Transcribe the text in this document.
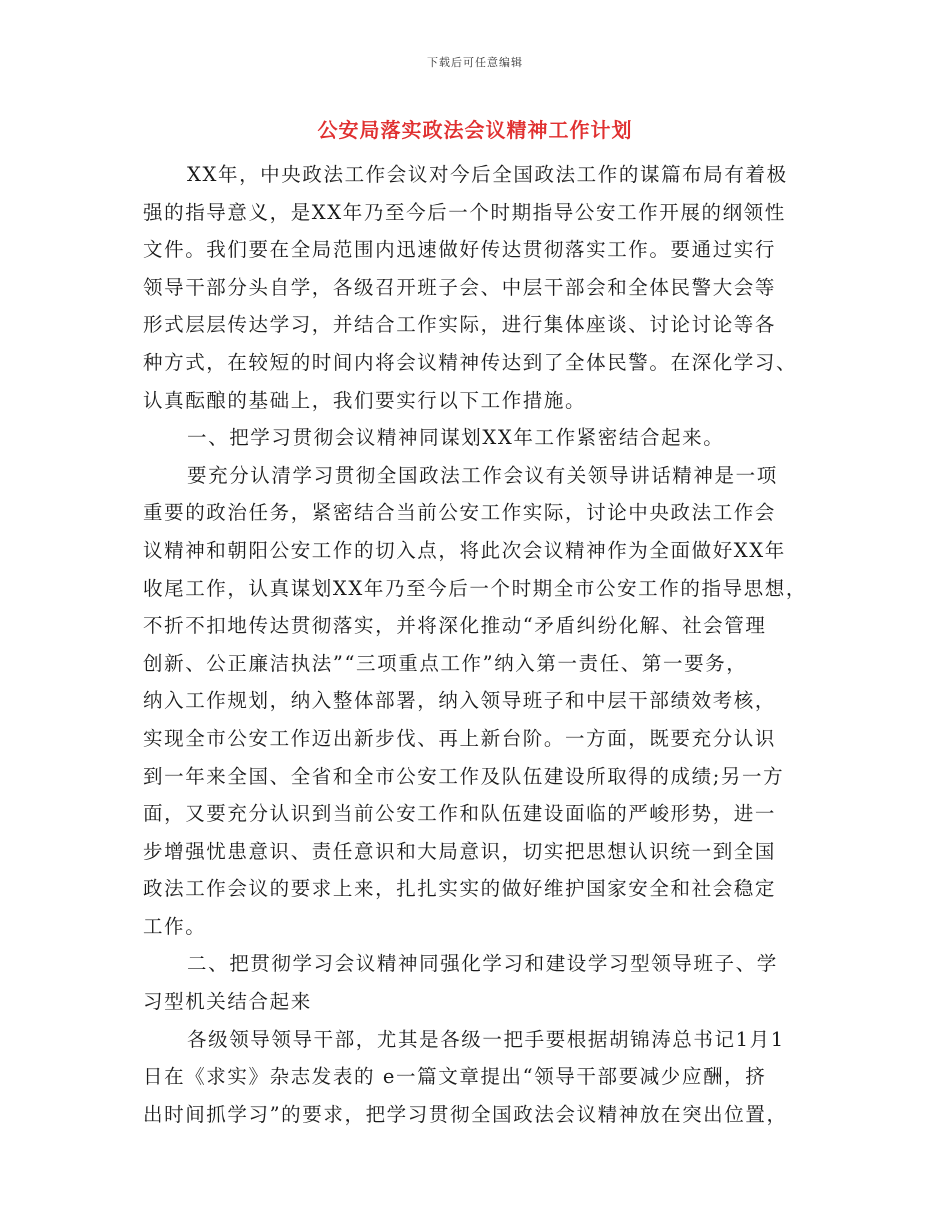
下载后可任意编辑
公安局落实政法会议精神工作计划
XX年，中央政法工作会议对今后全国政法工作的谋篇布局有着极
强的指导意义，是XX年乃至今后一个时期指导公安工作开展的纲领性
文件。我们要在全局范围内迅速做好传达贯彻落实工作。要通过实行
领导干部分头自学，各级召开班子会、中层干部会和全体民警大会等
形式层层传达学习，并结合工作实际，进行集体座谈、讨论讨论等各
种方式，在较短的时间内将会议精神传达到了全体民警。在深化学习、
认真酝酿的基础上，我们要实行以下工作措施。
一、把学习贯彻会议精神同谋划XX年工作紧密结合起来。
要充分认清学习贯彻全国政法工作会议有关领导讲话精神是一项
重要的政治任务，紧密结合当前公安工作实际，讨论中央政法工作会
议精神和朝阳公安工作的切入点，将此次会议精神作为全面做好XX年
收尾工作，认真谋划XX年乃至今后一个时期全市公安工作的指导思想，
不折不扣地传达贯彻落实，并将深化推动“矛盾纠纷化解、社会管理
创新、公正廉洁执法”“三项重点工作”纳入第一责任、第一要务，
纳入工作规划，纳入整体部署，纳入领导班子和中层干部绩效考核，
实现全市公安工作迈出新步伐、再上新台阶。一方面，既要充分认识
到一年来全国、全省和全市公安工作及队伍建设所取得的成绩;另一方
面，又要充分认识到当前公安工作和队伍建设面临的严峻形势，进一
步增强忧患意识、责任意识和大局意识，切实把思想认识统一到全国
政法工作会议的要求上来，扎扎实实的做好维护国家安全和社会稳定
工作。
二、把贯彻学习会议精神同强化学习和建设学习型领导班子、学
习型机关结合起来
各级领导领导干部，尤其是各级一把手要根据胡锦涛总书记1月1
日在《求实》杂志发表的 e一篇文章提出“领导干部要减少应酬，挤
出时间抓学习”的要求，把学习贯彻全国政法会议精神放在突出位置，
